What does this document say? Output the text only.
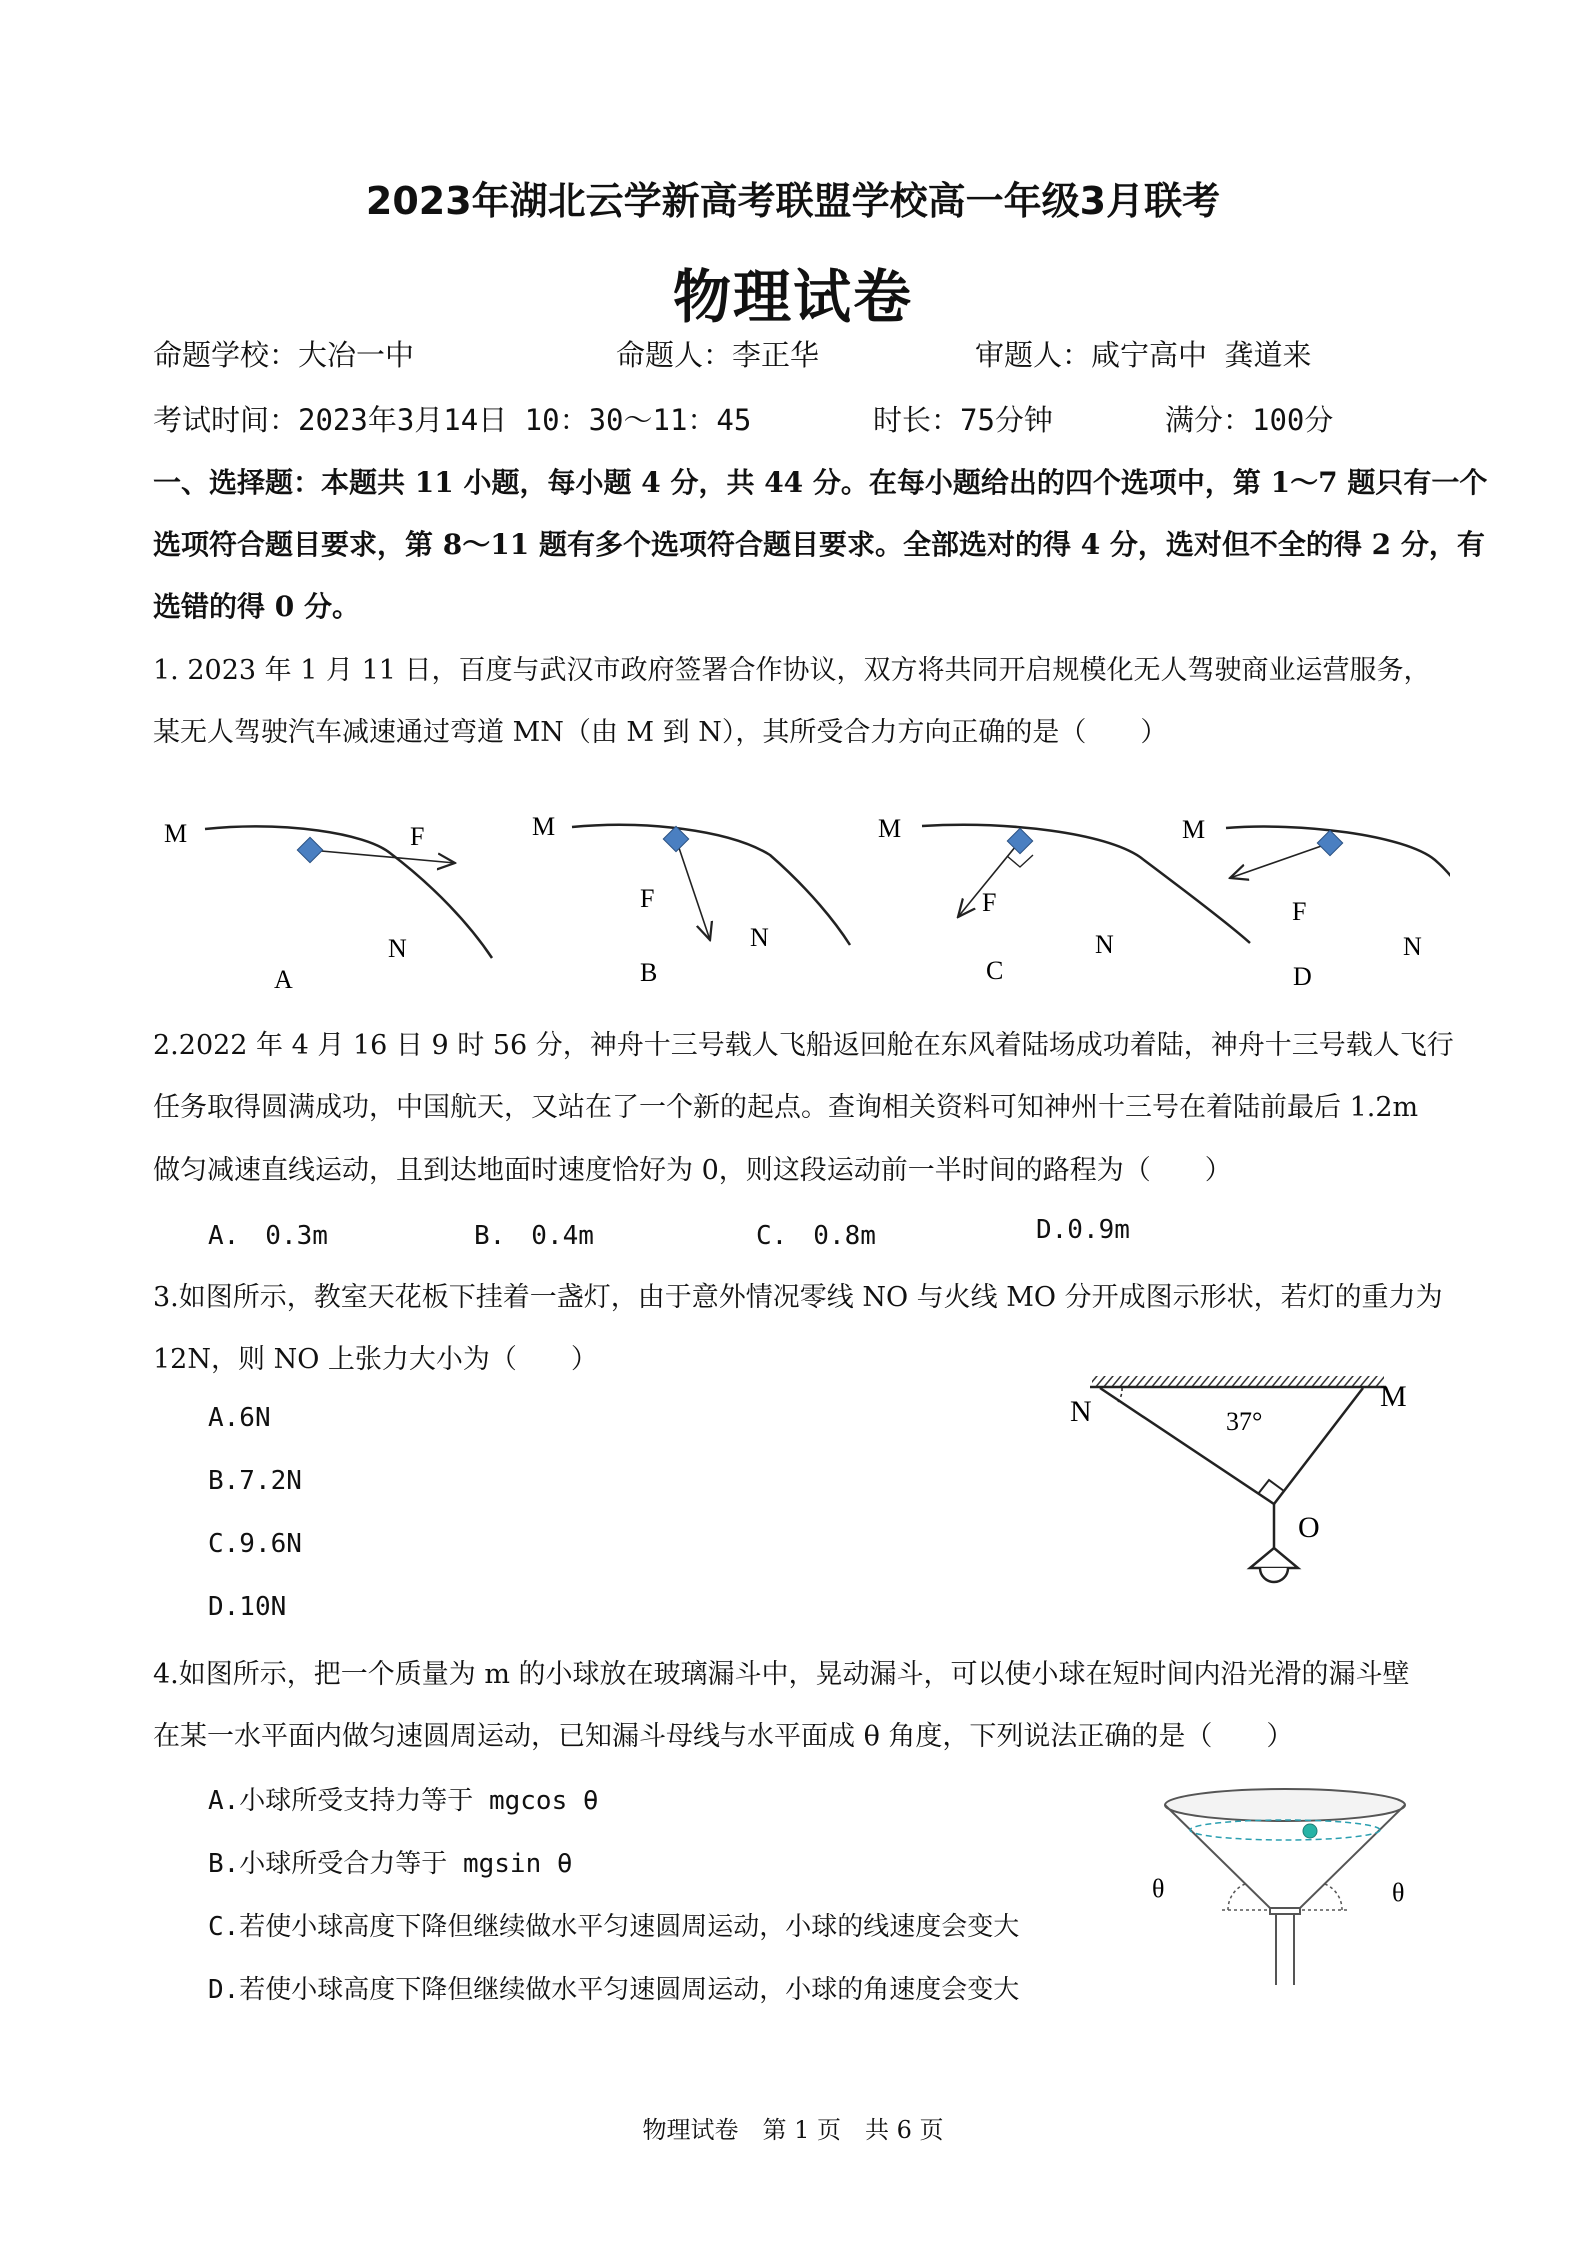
2023年湖北云学新高考联盟学校高一年级3月联考
物理试卷
命题学校：大冶一中	命题人：李正华	审题人：咸宁高中 龚道来
考试时间：2023年3月14日 10：30～11：45	时长：75分钟	满分：100分
一、选择题：本题共 11 小题，每小题 4 分，共 44 分。在每小题给出的四个选项中，第 1～7 题只有一个
选项符合题目要求，第 8～11 题有多个选项符合题目要求。全部选对的得 4 分，选对但不全的得 2 分，有
选错的得 0 分。
1. 2023 年 1 月 11 日，百度与武汉市政府签署合作协议，双方将共同开启规模化无人驾驶商业运营服务，
某无人驾驶汽车减速通过弯道 MN（由 M 到 N），其所受合力方向正确的是（　　）
M	F
N
A
M
F
N
B
M
F
N
C
M
F
N
D
2.2022 年 4 月 16 日 9 时 56 分，神舟十三号载人飞船返回舱在东风着陆场成功着陆，神舟十三号载人飞行
任务取得圆满成功，中国航天，又站在了一个新的起点。查询相关资料可知神州十三号在着陆前最后 1.2m
做匀减速直线运动，且到达地面时速度恰好为 0，则这段运动前一半时间的路程为（　　）
A.　0.3m	B.　0.4m	C.　0.8m	D.0.9m
3.如图所示，教室天花板下挂着一盏灯，由于意外情况零线 NO 与火线 MO 分开成图示形状，若灯的重力为
12N，则 NO 上张力大小为（　　）
A.6N
B.7.2N
C.9.6N
D.10N
N	M
O
37°
4.如图所示，把一个质量为 m 的小球放在玻璃漏斗中，晃动漏斗，可以使小球在短时间内沿光滑的漏斗壁
在某一水平面内做匀速圆周运动，已知漏斗母线与水平面成 θ 角度，下列说法正确的是（　　）
A.小球所受支持力等于 mgcos θ
B.小球所受合力等于 mgsin θ
C.若使小球高度下降但继续做水平匀速圆周运动，小球的线速度会变大
D.若使小球高度下降但继续做水平匀速圆周运动，小球的角速度会变大
θ	θ
物理试卷　第 1 页　共 6 页
